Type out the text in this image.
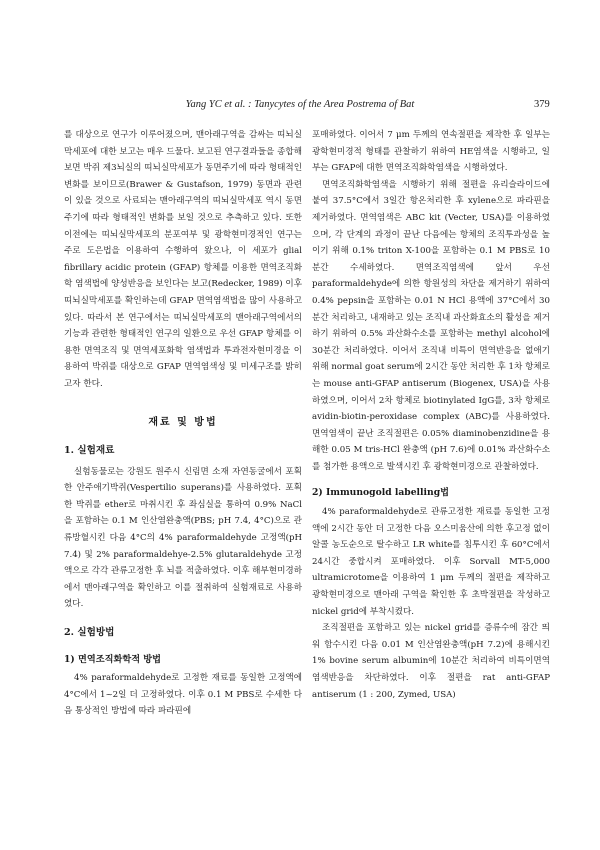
Yang YC et al. : Tanycytes of the Area Postrema of Bat	379

를 대상으로 연구가 이루어졌으며, 맨아래구역을 감싸는 띠뇌실막세포에 대한 보고는 매우 드물다. 보고된 연구결과들을 종합해 보면 박쥐 제3뇌실의 띠뇌실막세포가 동면주기에 따라 형태적인 변화를 보이므로(Brawer & Gustafson, 1979) 동면과 관련이 있을 것으로 사료되는 맨아래구역의 띠뇌실막세포 역시 동면주기에 따라 형태적인 변화를 보일 것으로 추측하고 있다. 또한 이전에는 띠뇌실막세포의 분포여부 및 광학현미경적인 연구는 주로 도은법을 이용하여 수행하여 왔으나, 이 세포가 glial fibrillary acidic protein (GFAP) 항체를 이용한 면역조직화학 염색법에 양성반응을 보인다는 보고(Redecker, 1989) 이후 띠뇌실막세포를 확인하는데 GFAP 면역염색법을 많이 사용하고 있다. 따라서 본 연구에서는 띠뇌실막세포의 맨아래구역에서의 기능과 관련한 형태적인 연구의 일환으로 우선 GFAP 항체를 이용한 면역조직 및 면역세포화학 염색법과 투과전자현미경을 이용하여 박쥐를 대상으로 GFAP 면역염색성 및 미세구조를 밝히고자 한다.

재료 및 방법
1. 실험재료

실험동물로는 강원도 원주시 신림면 소재 자연동굴에서 포획한 안주애기박쥐(Vespertilio superans)를 사용하였다. 포획한 박쥐를 ether로 마취시킨 후 좌심실을 통하여 0.9% NaCl을 포함하는 0.1 M 인산염완충액(PBS; pH 7.4, 4°C)으로 관류방혈시킨 다음 4°C의 4% paraformaldehyde 고정액(pH 7.4) 및 2% paraformaldehye-2.5% glutaraldehyde 고정액으로 각각 관류고정한 후 뇌를 적출하였다. 이후 해부현미경하에서 맨아래구역을 확인하고 이를 절취하여 실험재료로 사용하였다.

2. 실험방법
1) 면역조직화학적 방법

4% paraformaldehyde로 고정한 재료를 동일한 고정액에 4°C에서 1~2일 더 고정하였다. 이후 0.1 M PBS로 수세한 다음 통상적인 방법에 따라 파라핀에

포매하였다. 이어서 7 μm 두께의 연속절편을 제작한 후 일부는 광학현미경적 형태를 관찰하기 위하여 HE염색을 시행하고, 일부는 GFAP에 대한 면역조직화학염색을 시행하였다.

면역조직화학염색을 시행하기 위해 절편을 유리슬라이드에 붙여 37.5°C에서 3일간 항온처리한 후 xylene으로 파라핀을 제거하였다. 면역염색은 ABC kit (Vecter, USA)를 이용하였으며, 각 단계의 과정이 끝난 다음에는 항체의 조직투과성을 높이기 위해 0.1% triton X-100을 포함하는 0.1 M PBS로 10분간 수세하였다. 면역조직염색에 앞서 우선 paraformaldehyde에 의한 항원성의 차단을 제거하기 위하여 0.4% pepsin을 포함하는 0.01 N HCl 용액에 37°C에서 30분간 처리하고, 내재하고 있는 조직내 과산화효소의 활성을 제거하기 위하여 0.5% 과산화수소를 포함하는 methyl alcohol에 30분간 처리하였다. 이어서 조직내 비특이 면역반응을 없애기 위해 normal goat serum에 2시간 동안 처리한 후 1차 항체로는 mouse anti-GFAP antiserum (Biogenex, USA)을 사용하였으며, 이어서 2차 항체로 biotinylated IgG를, 3차 항체로 avidin-biotin-peroxidase complex (ABC)를 사용하였다. 면역염색이 끝난 조직절편은 0.05% diaminobenzidine을 용해한 0.05 M tris-HCl 완충액 (pH 7.6)에 0.01% 과산화수소를 첨가한 용액으로 발색시킨 후 광학현미경으로 관찰하였다.

2) Immunogold labelling법

4% paraformaldehyde로 관류고정한 재료를 동일한 고정액에 2시간 동안 더 고정한 다음 오스미움산에 의한 후고정 없이 알콜 농도순으로 탈수하고 LR white를 침투시킨 후 60°C에서 24시간 중합시켜 포매하였다. 이후 Sorvall MT-5,000 ultramicrotome을 이용하여 1 μm 두께의 절편을 제작하고 광학현미경으로 맨아래 구역을 확인한 후 초박절편을 작성하고 nickel grid에 부착시켰다.

조직절편을 포함하고 있는 nickel grid를 증류수에 잠간 띄워 함수시킨 다음 0.01 M 인산염완충액(pH 7.2)에 용해시킨 1% bovine serum albumin에 10분간 처리하여 비특이면역염색반응을 차단하였다. 이후 절편을 rat anti-GFAP antiserum (1 : 200, Zymed, USA)
